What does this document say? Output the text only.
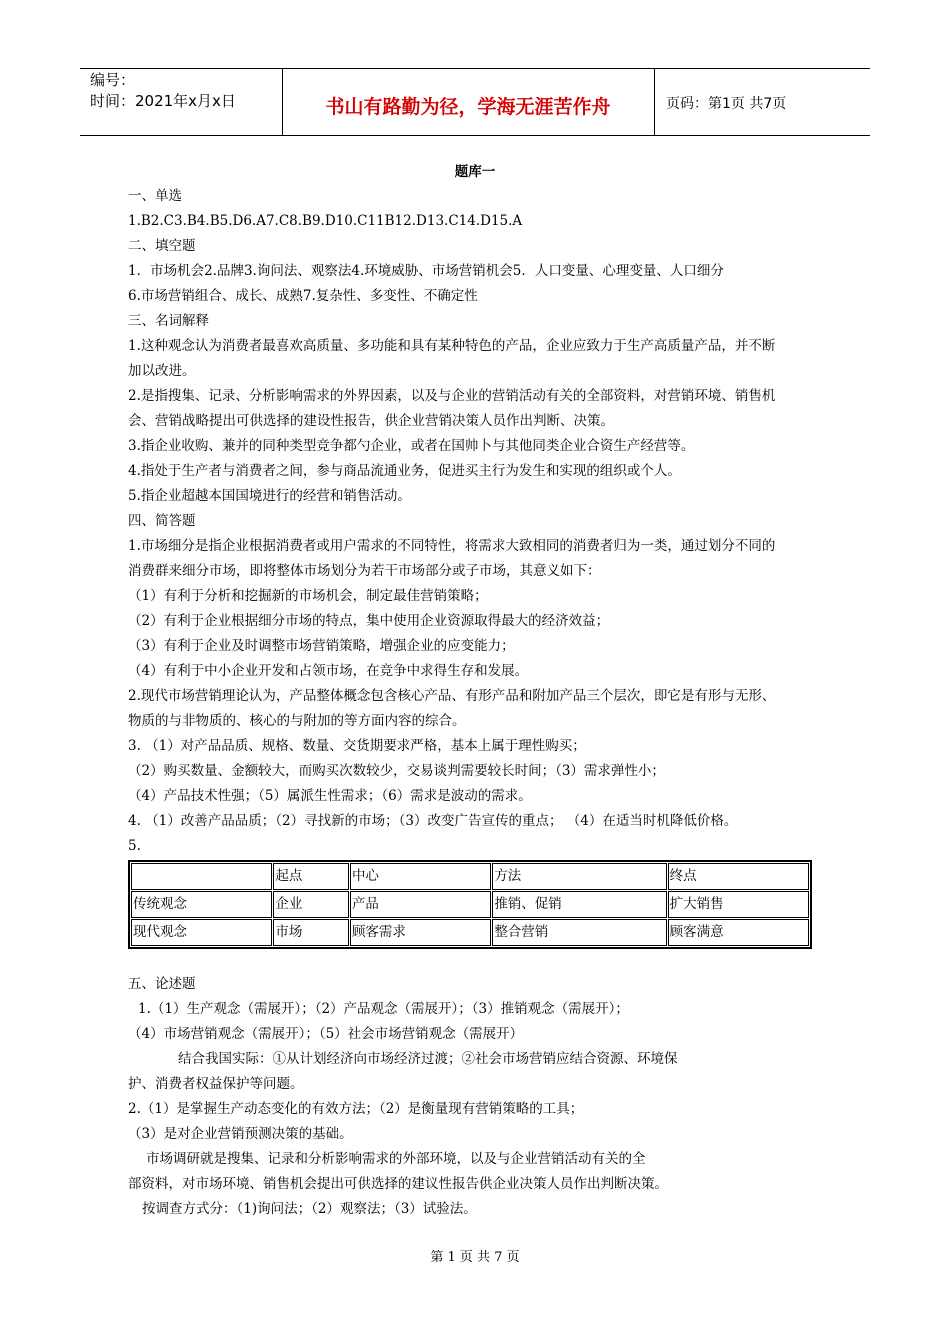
编号：
时间：2021年x月x日	书山有路勤为径，学海无涯苦作舟	页码：第1页 共7页
题库一

一、单选

1.B2.C3.B4.B5.D6.A7.C8.B9.D10.C11B12.D13.C14.D15.A

二、填空题

1．市场机会2.品牌3.询问法、观察法4.环境威胁、市场营销机会5．人口变量、心理变量、人口细分

6.市场营销组合、成长、成熟7.复杂性、多变性、不确定性

三、名词解释

1.这种观念认为消费者最喜欢高质量、多功能和具有某种特色的产品，企业应致力于生产高质量产品，并不断

加以改进。

2.是指搜集、记录、分析影响需求的外界因素，以及与企业的营销活动有关的全部资料，对营销环境、销售机

会、营销战略提出可供选择的建设性报告，供企业营销决策人员作出判断、决策。

3.指企业收购、兼并的同种类型竞争都勺企业，或者在国帅卜与其他同类企业合资生产经营等。

4.指处于生产者与消费者之间，参与商品流通业务，促进买主行为发生和实现的组织或个人。

5.指企业超越本国国境进行的经营和销售活动。

四、简答题

1.市场细分是指企业根据消费者或用户需求的不同特性，将需求大致相同的消费者归为一类，通过划分不同的

消费群来细分市场，即将整体市场划分为若干市场部分或子市场，其意义如下：

（1）有利于分析和挖掘新的市场机会，制定最佳营销策略；

（2）有利于企业根据细分市场的特点，集中使用企业资源取得最大的经济效益；

（3）有利于企业及时调整市场营销策略，增强企业的应变能力；

（4）有利于中小企业开发和占领市场，在竞争中求得生存和发展。

2.现代市场营销理论认为，产品整体概念包含核心产品、有形产品和附加产品三个层次，即它是有形与无形、

物质的与非物质的、核心的与附加的等方面内容的综合。

3. （1）对产品品质、规格、数量、交货期要求严格，基本上属于理性购买；

（2）购买数量、金额较大，而购买次数较少，交易谈判需要较长时间；（3）需求弹性小；

（4）产品技术性强；（5）属派生性需求；（6）需求是波动的需求。

4. （1）改善产品品质；（2）寻找新的市场；（3）改变广告宣传的重点； （4）在适当时机降低价格。

5.

	起点	中心	方法	终点
传统观念	企业	产品	推销、促销	扩大销售
现代观念	市场	顾客需求	整合营销	顾客满意

五、论述题

1.（1）生产观念（需展开）；（2）产品观念（需展开）；（3）推销观念（需展开）；

（4）市场营销观念（需展开）；（5）社会市场营销观念（需展开）

结合我国实际：①从计划经济向市场经济过渡；②社会市场营销应结合资源、环境保

护、消费者权益保护等问题。

2.（1）是掌握生产动态变化的有效方法；（2）是衡量现有营销策略的工具；

（3）是对企业营销预测决策的基础。

市场调研就是搜集、记录和分析影响需求的外部环境，以及与企业营销活动有关的全

部资料，对市场环境、销售机会提出可供选择的建议性报告供企业决策人员作出判断决策。

按调查方式分：（1)询问法；（2）观察法；（3）试验法。

第 1 页 共 7 页
